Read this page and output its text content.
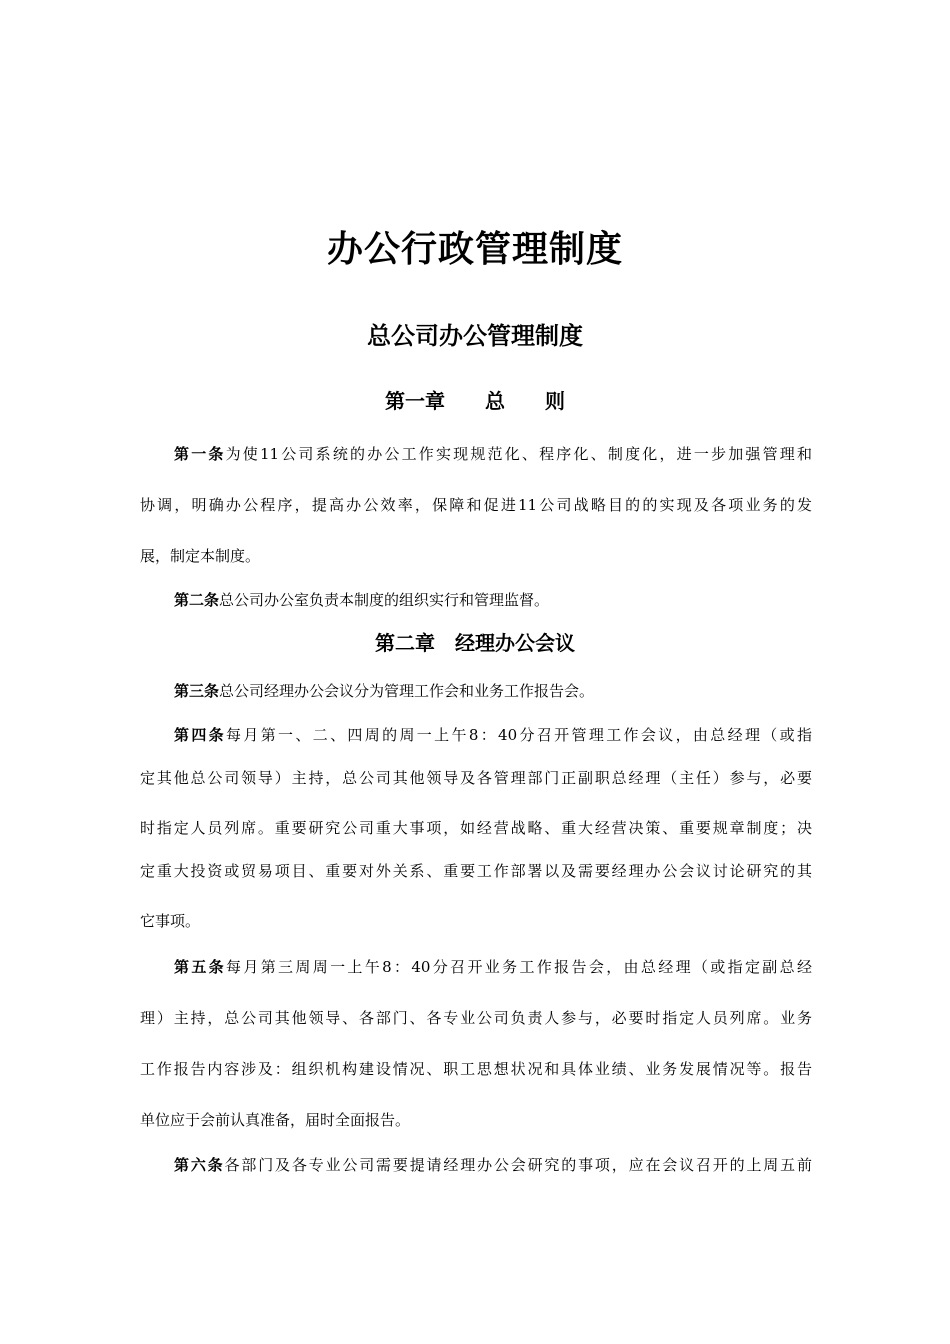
办公行政管理制度
总公司办公管理制度
第一章　　 总　　则
第一条为使11公司系统的办公工作实现规范化、程序化、制度化，进一步加强管理和
协调，明确办公程序，提高办公效率，保障和促进11公司战略目的的实现及各项业务的发
展，制定本制度。
第二条总公司办公室负责本制度的组织实行和管理监督。
第二章　 经理办公会议
第三条总公司经理办公会议分为管理工作会和业务工作报告会。
第四条每月第一、二、四周的周一上午8：40分召开管理工作会议，由总经理（或指
定其他总公司领导）主持，总公司其他领导及各管理部门正副职总经理（主任）参与，必要
时指定人员列席。重要研究公司重大事项，如经营战略、重大经营决策、重要规章制度；决
定重大投资或贸易项目、重要对外关系、重要工作部署以及需要经理办公会议讨论研究的其
它事项。
第五条每月第三周周一上午8：40分召开业务工作报告会，由总经理（或指定副总经
理）主持，总公司其他领导、各部门、各专业公司负责人参与，必要时指定人员列席。业务
工作报告内容涉及：组织机构建设情况、职工思想状况和具体业绩、业务发展情况等。报告
单位应于会前认真准备，届时全面报告。
第六条各部门及各专业公司需要提请经理办公会研究的事项，应在会议召开的上周五前
